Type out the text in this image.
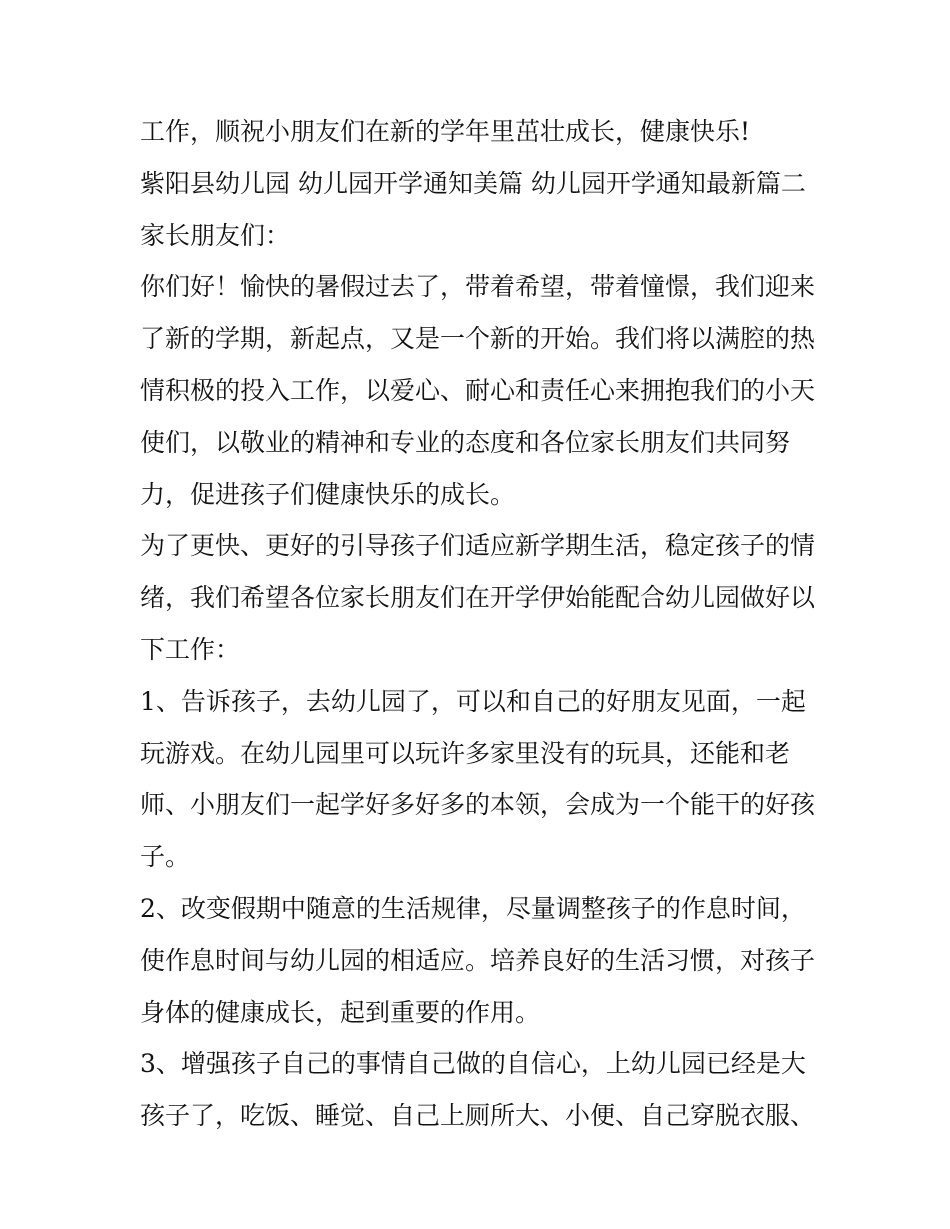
工作，顺祝小朋友们在新的学年里茁壮成长，健康快乐!
紫阳县幼儿园 幼儿园开学通知美篇 幼儿园开学通知最新篇二
家长朋友们：
你们好！愉快的暑假过去了，带着希望，带着憧憬，我们迎来
了新的学期，新起点，又是一个新的开始。我们将以满腔的热
情积极的投入工作，以爱心、耐心和责任心来拥抱我们的小天
使们，以敬业的精神和专业的态度和各位家长朋友们共同努
力，促进孩子们健康快乐的成长。
为了更快、更好的引导孩子们适应新学期生活，稳定孩子的情
绪，我们希望各位家长朋友们在开学伊始能配合幼儿园做好以
下工作：
1、告诉孩子，去幼儿园了，可以和自己的好朋友见面，一起
玩游戏。在幼儿园里可以玩许多家里没有的玩具，还能和老
师、小朋友们一起学好多好多的本领，会成为一个能干的好孩
子。
2、改变假期中随意的生活规律，尽量调整孩子的作息时间，
使作息时间与幼儿园的相适应。培养良好的生活习惯，对孩子
身体的健康成长，起到重要的作用。
3、增强孩子自己的事情自己做的自信心，上幼儿园已经是大
孩子了，吃饭、睡觉、自己上厕所大、小便、自己穿脱衣服、
